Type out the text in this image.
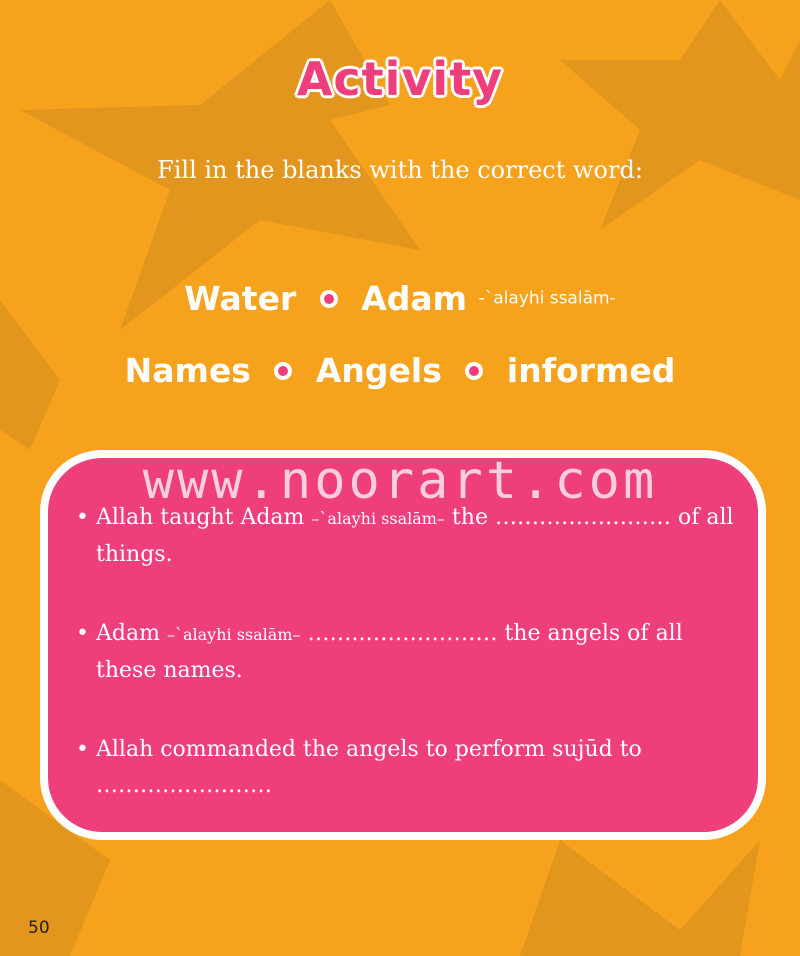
Activity
Fill in the blanks with the correct word:
Water Adam -`alayhi ssalām-
Names Angels informed
• Allah taught Adam –`alayhi ssalām– the …………………… of all things.
• Adam –`alayhi ssalām– ……..……………… the angels of all these names.
• Allah commanded the angels to perform sujūd to ……………………
www.noorart.com
50
